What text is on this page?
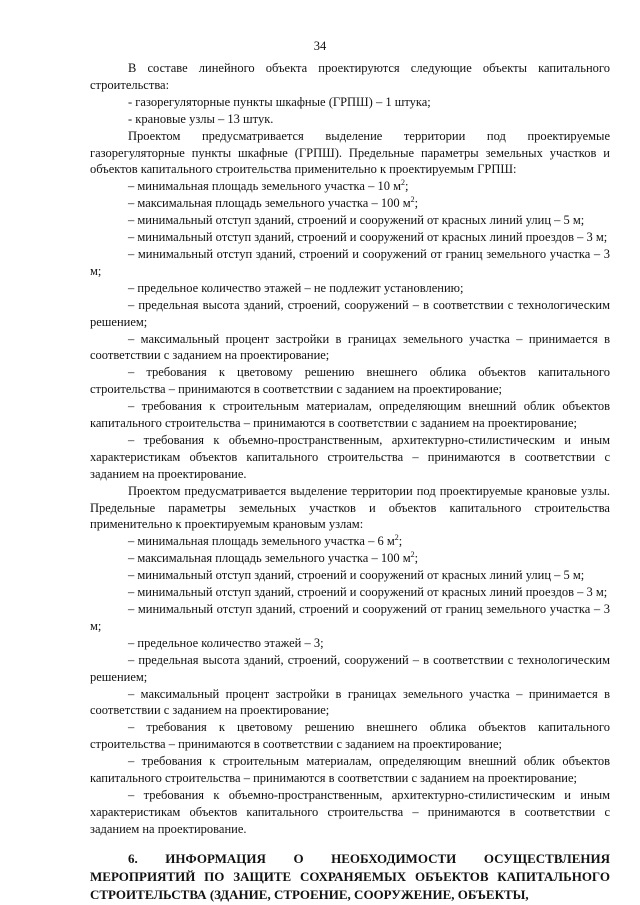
34

В составе линейного объекта проектируются следующие объекты капитального строительства:

- газорегуляторные пункты шкафные (ГРПШ) – 1 штука;

- крановые узлы – 13 штук.

Проектом предусматривается выделение территории под проектируемые газорегуляторные пункты шкафные (ГРПШ). Предельные параметры земельных участков и объектов капитального строительства применительно к проектируемым ГРПШ:

– минимальная площадь земельного участка – 10 $м^2$;

– максимальная площадь земельного участка – 100 $м^2$;

– минимальный отступ зданий, строений и сооружений от красных линий улиц – 5 м;

– минимальный отступ зданий, строений и сооружений от красных линий проездов – 3 м;

– минимальный отступ зданий, строений и сооружений от границ земельного участка – 3 м;

– предельное количество этажей – не подлежит установлению;

– предельная высота зданий, строений, сооружений – в соответствии с технологическим решением;

– максимальный процент застройки в границах земельного участка – принимается в соответствии с заданием на проектирование;

– требования к цветовому решению внешнего облика объектов капитального строительства – принимаются в соответствии с заданием на проектирование;

– требования к строительным материалам, определяющим внешний облик объектов капитального строительства – принимаются в соответствии с заданием на проектирование;

– требования к объемно-пространственным, архитектурно-стилистическим и иным характеристикам объектов капитального строительства – принимаются в соответствии с заданием на проектирование.

Проектом предусматривается выделение территории под проектируемые крановые узлы. Предельные параметры земельных участков и объектов капитального строительства применительно к проектируемым крановым узлам:

– минимальная площадь земельного участка – 6 $м^2$;

– максимальная площадь земельного участка – 100 $м^2$;

– минимальный отступ зданий, строений и сооружений от красных линий улиц – 5 м;

– минимальный отступ зданий, строений и сооружений от красных линий проездов – 3 м;

– минимальный отступ зданий, строений и сооружений от границ земельного участка – 3 м;

– предельное количество этажей – 3;

– предельная высота зданий, строений, сооружений – в соответствии с технологическим решением;

– максимальный процент застройки в границах земельного участка – принимается в соответствии с заданием на проектирование;

– требования к цветовому решению внешнего облика объектов капитального строительства – принимаются в соответствии с заданием на проектирование;

– требования к строительным материалам, определяющим внешний облик объектов капитального строительства – принимаются в соответствии с заданием на проектирование;

– требования к объемно-пространственным, архитектурно-стилистическим и иным характеристикам объектов капитального строительства – принимаются в соответствии с заданием на проектирование.

6. ИНФОРМАЦИЯ О НЕОБХОДИМОСТИ ОСУЩЕСТВЛЕНИЯ МЕРОПРИЯТИЙ ПО ЗАЩИТЕ СОХРАНЯЕМЫХ ОБЪЕКТОВ КАПИТАЛЬНОГО СТРОИТЕЛЬСТВА (ЗДАНИЕ, СТРОЕНИЕ, СООРУЖЕНИЕ, ОБЪЕКТЫ,
